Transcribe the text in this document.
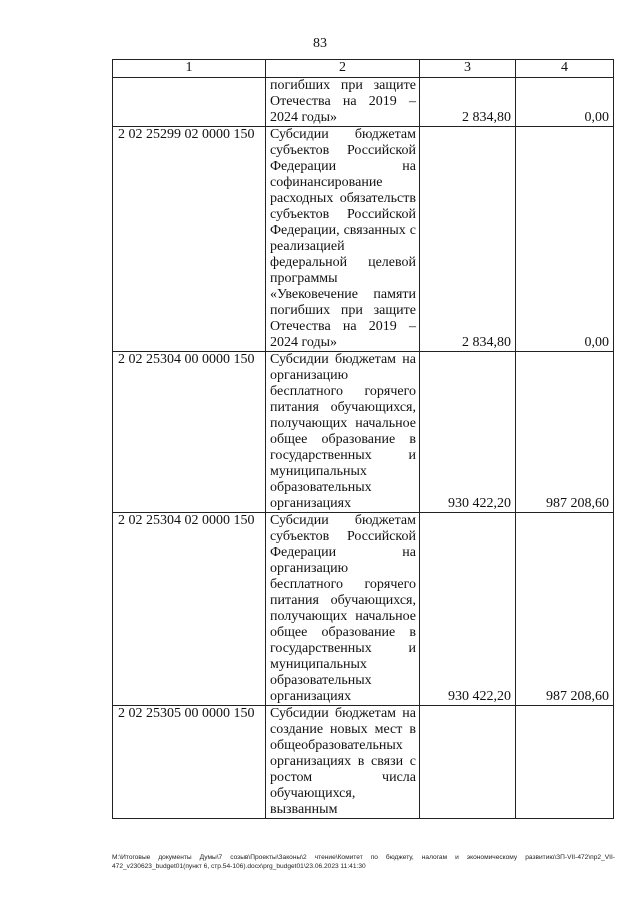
83
1	2	3	4
	погибших при защите Отечества на 2019 – 2024 годы»	2 834,80	0,00
2 02 25299 02 0000 150	Субсидии бюджетам субъектов Российской Федерации на софинансирование расходных обязательств субъектов Российской Федерации, связанных с реализацией федеральной целевой программы «Увековечение памяти погибших при защите Отечества на 2019 – 2024 годы»	2 834,80	0,00
2 02 25304 00 0000 150	Субсидии бюджетам на организацию бесплатного горячего питания обучающихся, получающих начальное общее образование в государственных и муниципальных образовательных организациях	930 422,20	987 208,60
2 02 25304 02 0000 150	Субсидии бюджетам субъектов Российской Федерации на организацию бесплатного горячего питания обучающихся, получающих начальное общее образование в государственных и муниципальных образовательных организациях	930 422,20	987 208,60
2 02 25305 00 0000 150	Субсидии бюджетам на создание новых мест в общеобразовательных организациях в связи с ростом числа обучающихся, вызванным		
М:\Итоговые документы Думы\7 созыв\Проекты\Законы\2 чтение\Комитет по бюджету, налогам и экономическому развитию\ЗП-VII-472\пр2_VII-472_v230623_budget01(пункт 6, стр.54-106).docx\prg_budget01\23.06.2023 11:41:30
